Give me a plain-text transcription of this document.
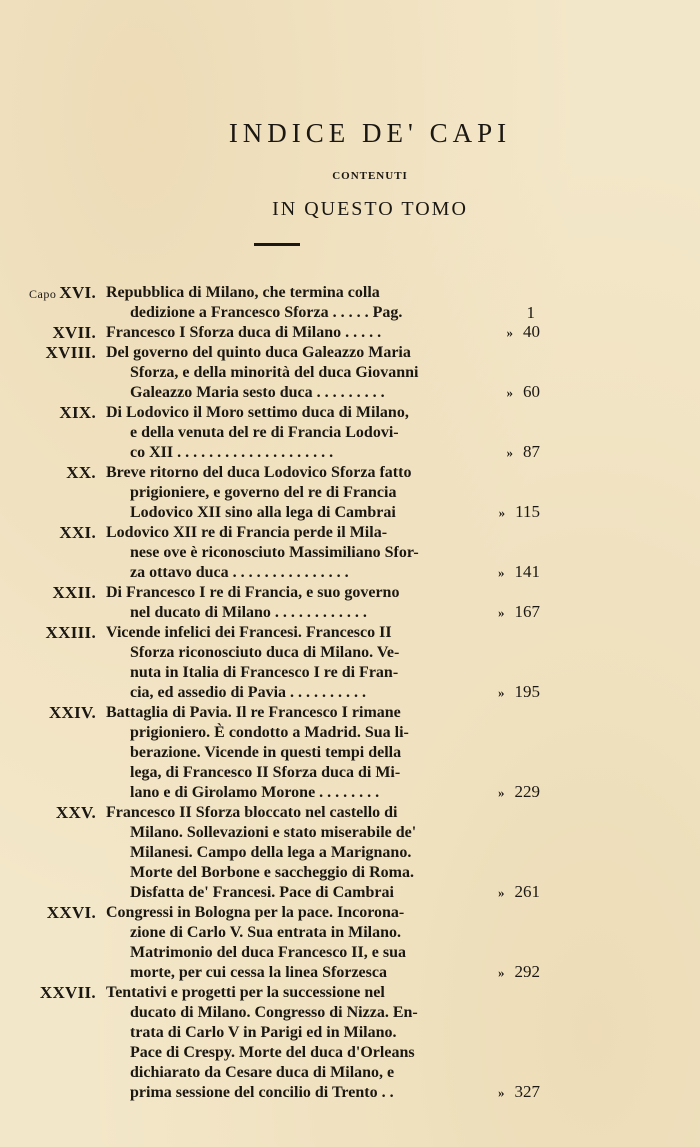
INDICE DE' CAPI
CONTENUTI
IN QUESTO TOMO
Capo XVI. Repubblica di Milano, che termina colla
dedizione a Francesco Sforza . . . . . Pag.	1
XVII. Francesco I Sforza duca di Milano . . . . .	» 40
XVIII. Del governo del quinto duca Galeazzo Maria
Sforza, e della minorità del duca Giovanni
Galeazzo Maria sesto duca . . . . . . . . .	» 60
XIX. Di Lodovico il Moro settimo duca di Milano,
e della venuta del re di Francia Lodovi-
co XII . . . . . . . . . . . . . . . . . . . .	» 87
XX. Breve ritorno del duca Lodovico Sforza fatto
prigioniere, e governo del re di Francia
Lodovico XII sino alla lega di Cambrai	» 115
XXI. Lodovico XII re di Francia perde il Mila-
nese ove è riconosciuto Massimiliano Sfor-
za ottavo duca . . . . . . . . . . . . . . .	» 141
XXII. Di Francesco I re di Francia, e suo governo
nel ducato di Milano . . . . . . . . . . . .	» 167
XXIII. Vicende infelici dei Francesi. Francesco II
Sforza riconosciuto duca di Milano. Ve-
nuta in Italia di Francesco I re di Fran-
cia, ed assedio di Pavia . . . . . . . . . .	» 195
XXIV. Battaglia di Pavia. Il re Francesco I rimane
prigioniero. È condotto a Madrid. Sua li-
berazione. Vicende in questi tempi della
lega, di Francesco II Sforza duca di Mi-
lano e di Girolamo Morone . . . . . . . .	» 229
XXV. Francesco II Sforza bloccato nel castello di
Milano. Sollevazioni e stato miserabile de'
Milanesi. Campo della lega a Marignano.
Morte del Borbone e saccheggio di Roma.
Disfatta de' Francesi. Pace di Cambrai	» 261
XXVI. Congressi in Bologna per la pace. Incorona-
zione di Carlo V. Sua entrata in Milano.
Matrimonio del duca Francesco II, e sua
morte, per cui cessa la linea Sforzesca	» 292
XXVII. Tentativi e progetti per la successione nel
ducato di Milano. Congresso di Nizza. En-
trata di Carlo V in Parigi ed in Milano.
Pace di Crespy. Morte del duca d'Orleans
dichiarato da Cesare duca di Milano, e
prima sessione del concilio di Trento . .	» 327
